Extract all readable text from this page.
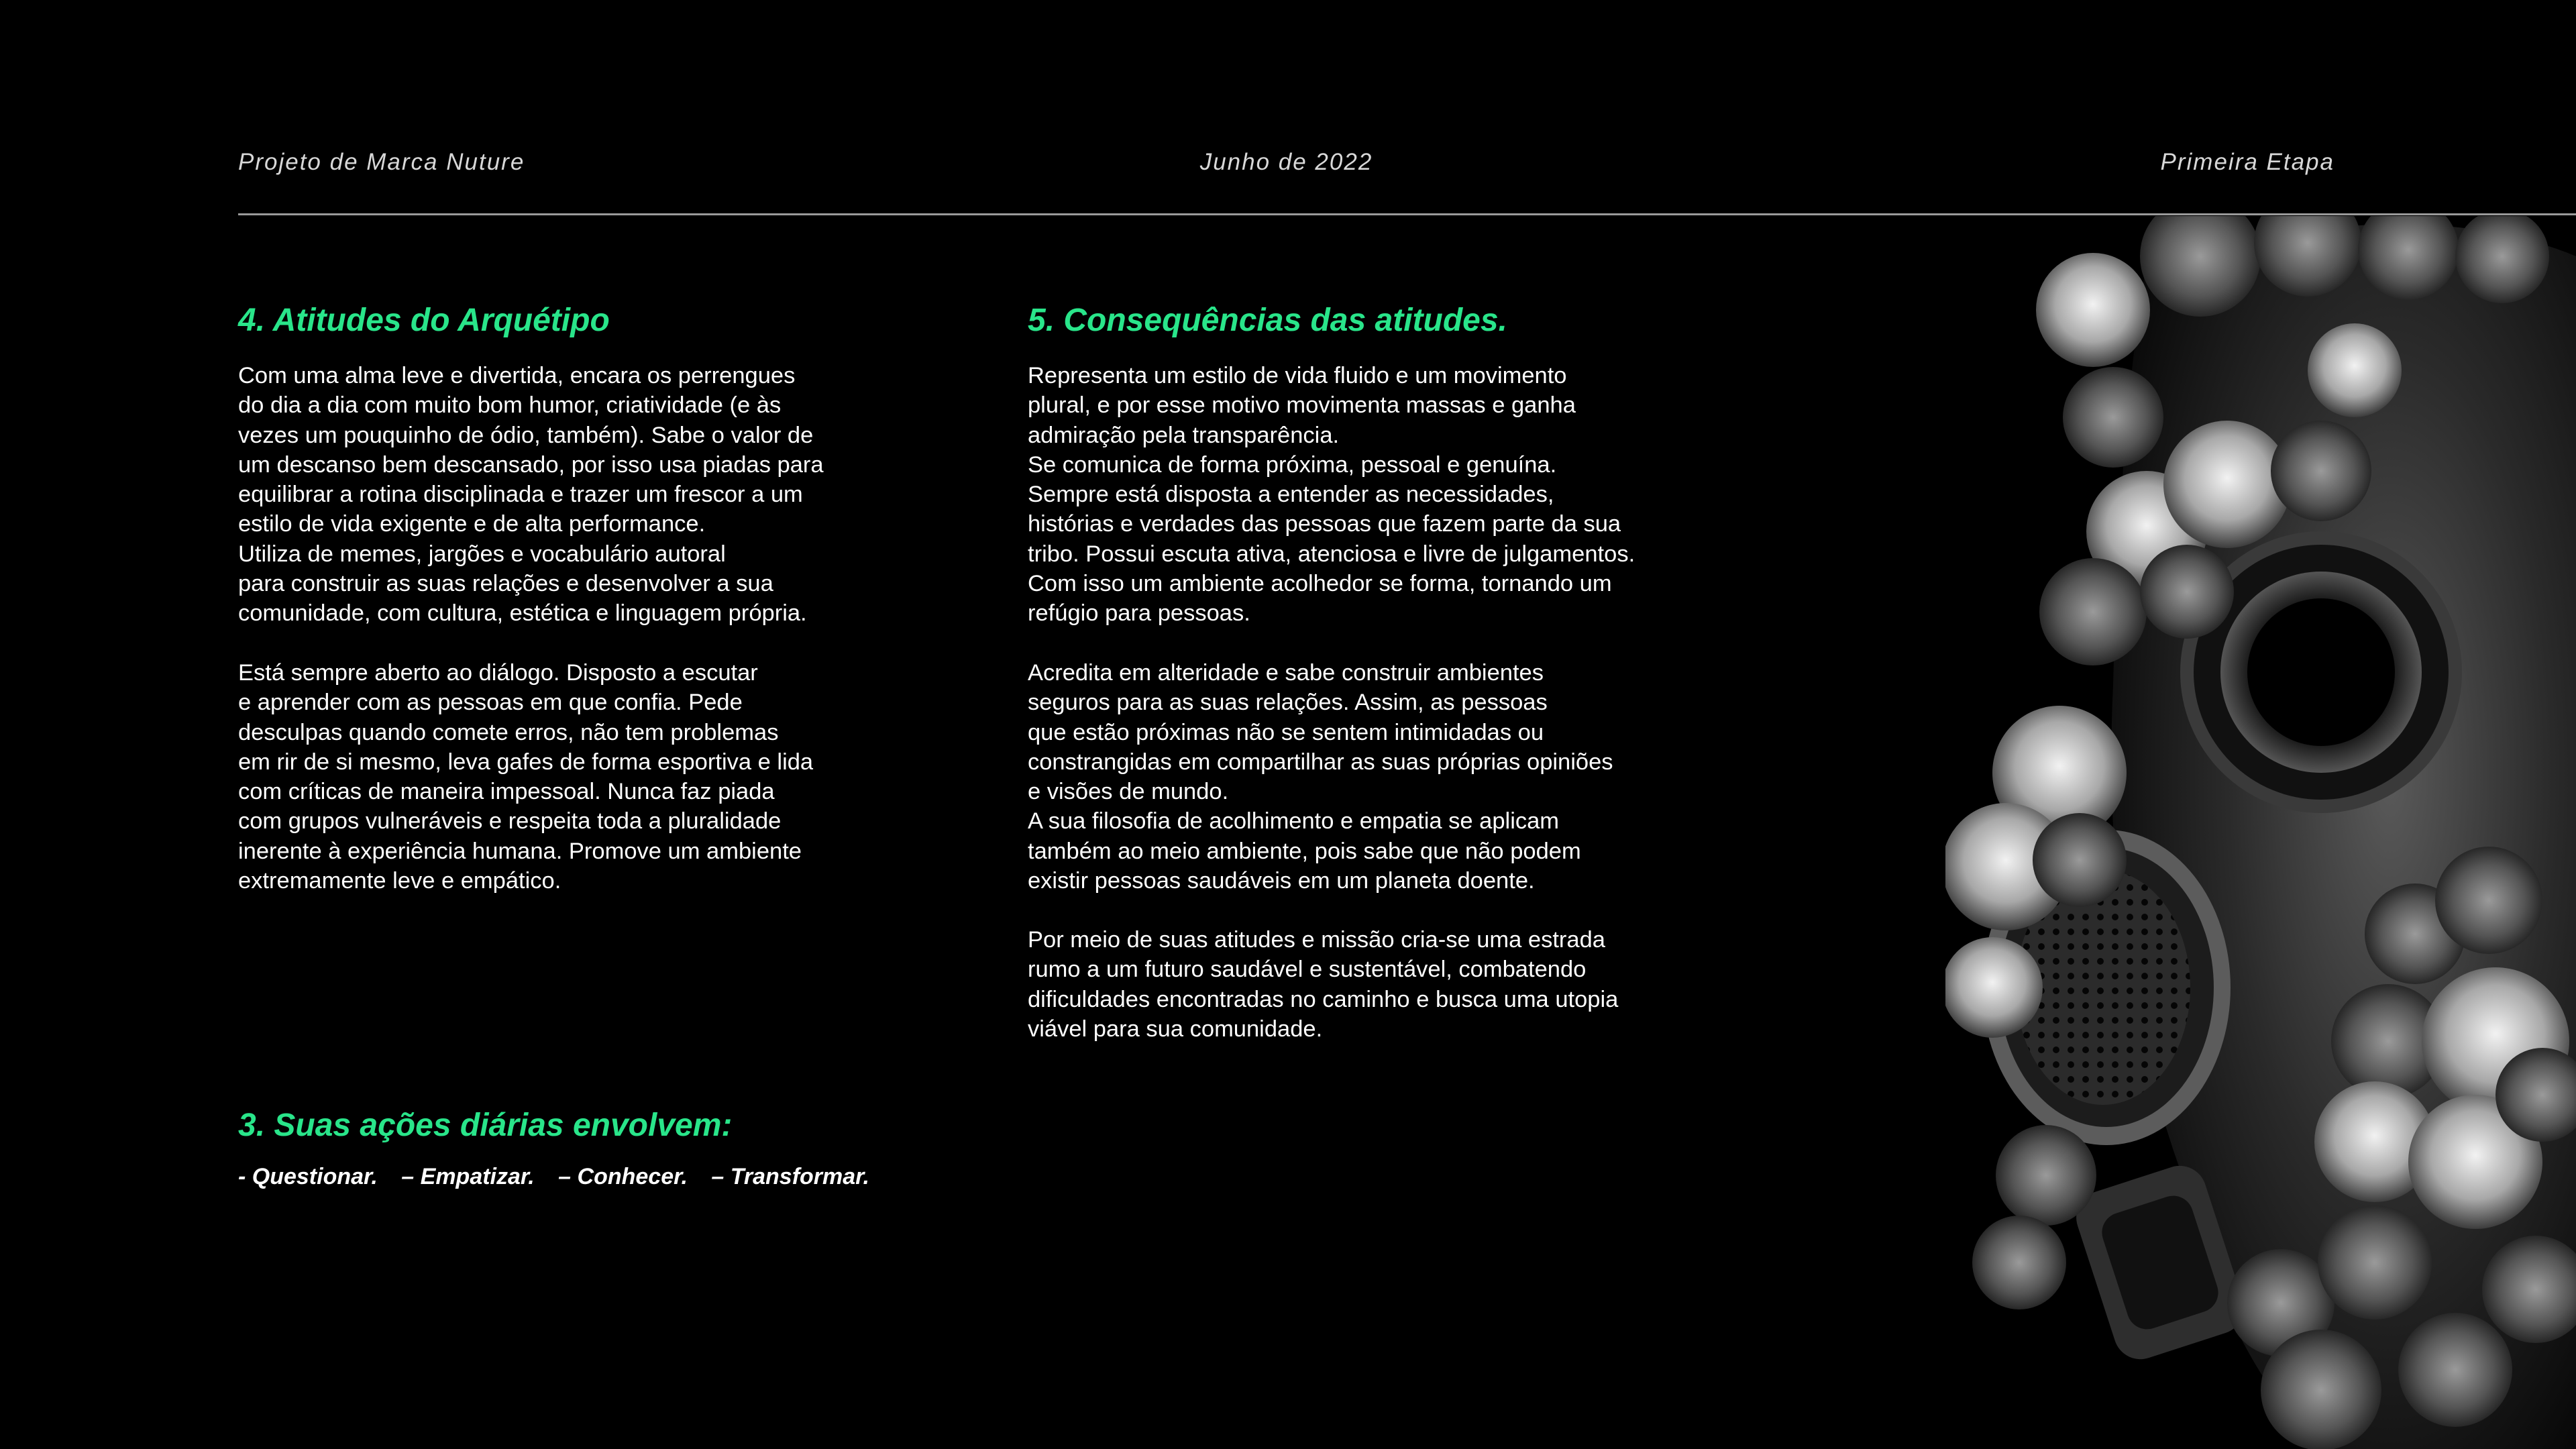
Projeto de Marca Nuture	Junho de 2022	Primeira Etapa
4. Atitudes do Arquétipo
Com uma alma leve e divertida, encara os perrengues
do dia a dia com muito bom humor, criatividade (e às
vezes um pouquinho de ódio, também). Sabe o valor de
um descanso bem descansado, por isso usa piadas para
equilibrar a rotina disciplinada e trazer um frescor a um
estilo de vida exigente e de alta performance.
Utiliza de memes, jargões e vocabulário autoral
para construir as suas relações e desenvolver a sua
comunidade, com cultura, estética e linguagem própria.
Está sempre aberto ao diálogo. Disposto a escutar
e aprender com as pessoas em que confia. Pede
desculpas quando comete erros, não tem problemas
em rir de si mesmo, leva gafes de forma esportiva e lida
com críticas de maneira impessoal. Nunca faz piada
com grupos vulneráveis e respeita toda a pluralidade
inerente à experiência humana. Promove um ambiente
extremamente leve e empático.
5. Consequências das atitudes.
Representa um estilo de vida fluido e um movimento
plural, e por esse motivo movimenta massas e ganha
admiração pela transparência.
Se comunica de forma próxima, pessoal e genuína.
Sempre está disposta a entender as necessidades,
histórias e verdades das pessoas que fazem parte da sua
tribo. Possui escuta ativa, atenciosa e livre de julgamentos.
Com isso um ambiente acolhedor se forma, tornando um
refúgio para pessoas.
Acredita em alteridade e sabe construir ambientes
seguros para as suas relações. Assim, as pessoas
que estão próximas não se sentem intimidadas ou
constrangidas em compartilhar as suas próprias opiniões
e visões de mundo.
A sua filosofia de acolhimento e empatia se aplicam
também ao meio ambiente, pois sabe que não podem
existir pessoas saudáveis em um planeta doente.
Por meio de suas atitudes e missão cria-se uma estrada
rumo a um futuro saudável e sustentável, combatendo
dificuldades encontradas no caminho e busca uma utopia
viável para sua comunidade.
3. Suas ações diárias envolvem:
- Questionar. – Empatizar. – Conhecer. – Transformar.
